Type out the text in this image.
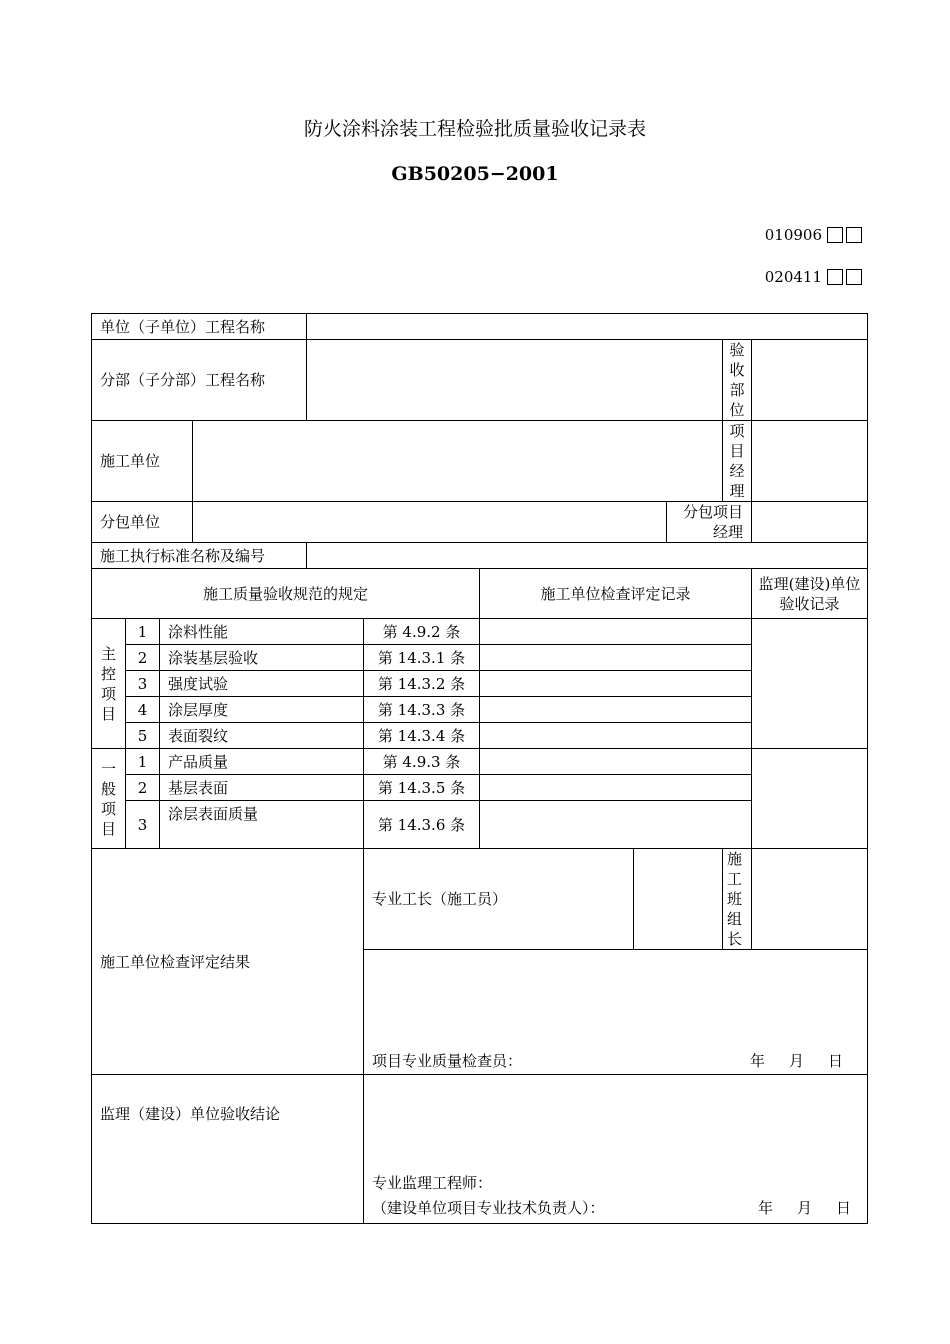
防火涂料涂装工程检验批质量验收记录表
GB50205−2001
010906
020411
单位（子单位）工程名称										
分部（子分部）工程名称									验收部位	
施工单位									项目经理	
分包单位								分包项目经理		
施工执行标准名称及编号										
施工质量验收规范的规定						施工单位检查评定记录				监理(建设)单位验收记录

主
控
项
目	1	涂料性能			第 4.9.2 条					
	2	涂装基层验收			第 14.3.1 条					
	3	强度试验			第 14.3.2 条					
	4	涂层厚度			第 14.3.3 条					
	5	表面裂纹			第 14.3.4 条					

一
般
项
目	1	产品质量			第 4.9.3 条					
	2	基层表面			第 14.3.5 条					
	3	涂层表面质量			第 14.3.6 条					
施工单位检查评定结果					专业工长（施工员）				施工班组长	

					项目专业质量检查员： 年 月 日					

监理（建设）单位验收结论					专业监理工程师：
（建设单位项目专业技术负责人）： 年 月 日					
